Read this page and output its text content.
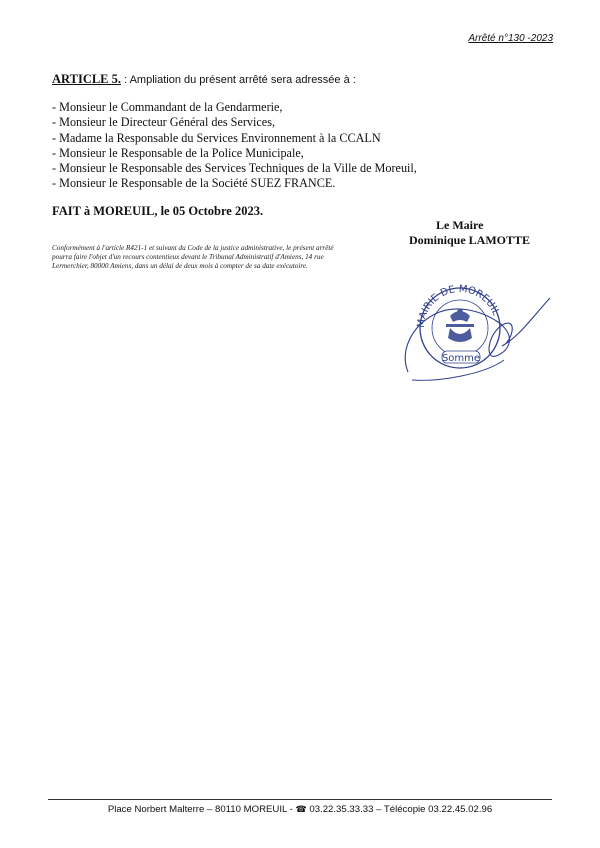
Arrêté n°130 -2023
ARTICLE 5. : Ampliation du présent arrêté sera adressée à :
- Monsieur le Commandant de la Gendarmerie,
- Monsieur le Directeur Général des Services,
- Madame la Responsable du Services Environnement à la CCALN
- Monsieur le Responsable de la Police Municipale,
- Monsieur le Responsable des Services Techniques de la Ville de Moreuil,
- Monsieur le Responsable de la Société SUEZ FRANCE.
FAIT à MOREUIL, le 05 Octobre 2023.
Le Maire
Dominique LAMOTTE
Conformément à l'article R421-1 et suivant du Code de la justice administrative, le présent arrêté pourra faire l'objet d'un recours contentieux devant le Tribunal Administratif d'Amiens, 14 rue Lermerchier, 80000 Amiens, dans un délai de deux mois à compter de sa date exécutoire.
MAIRIE DE MOREUIL
Somme
Place Norbert Malterre – 80110 MOREUIL - ☎ 03.22.35.33.33 – Télécopie 03.22.45.02.96
